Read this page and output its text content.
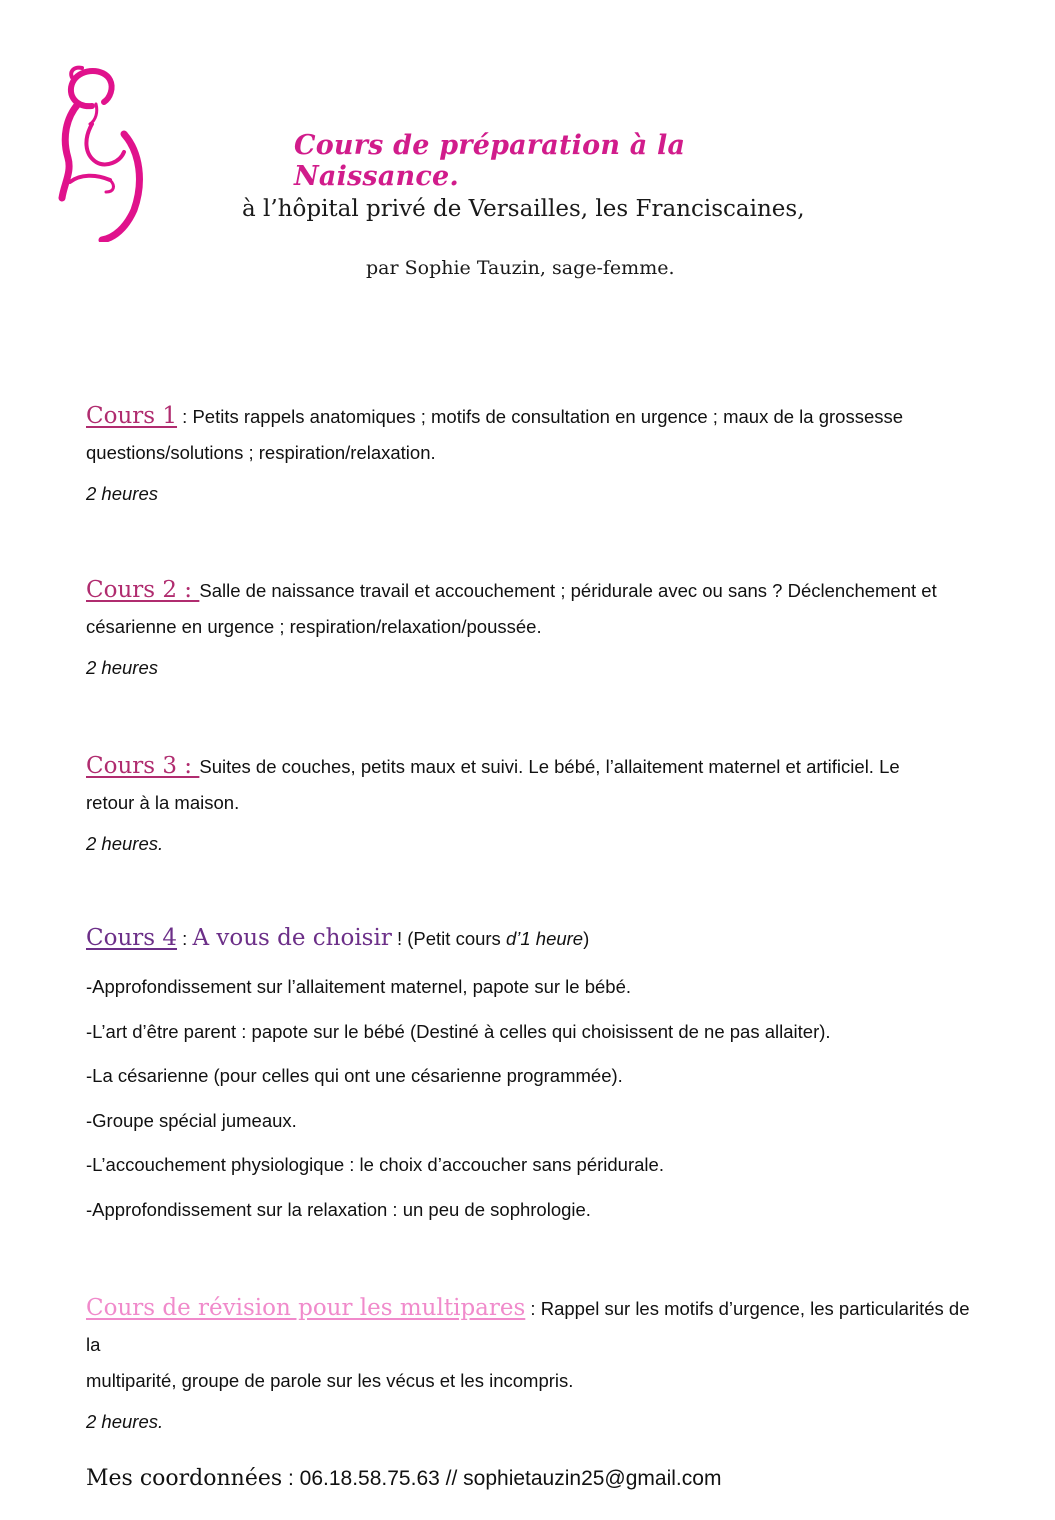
Cours de préparation à la Naissance.
à l’hôpital privé de Versailles, les Franciscaines,
par Sophie Tauzin, sage-femme.

Cours 1 : Petits rappels anatomiques ; motifs de consultation en urgence ; maux de la grossesse

questions/solutions ; respiration/relaxation.

2 heures

Cours 2 : Salle de naissance travail et accouchement ; péridurale avec ou sans ? Déclenchement et

césarienne en urgence ; respiration/relaxation/poussée.

2 heures

Cours 3 : Suites de couches, petits maux et suivi. Le bébé, l’allaitement maternel et artificiel. Le

retour à la maison.

2 heures.

Cours 4 : A vous de choisir ! (Petit cours d’1 heure)

-Approfondissement sur l’allaitement maternel, papote sur le bébé.

-L’art d’être parent : papote sur le bébé (Destiné à celles qui choisissent de ne pas allaiter).

-La césarienne (pour celles qui ont une césarienne programmée).

-Groupe spécial jumeaux.

-L’accouchement physiologique : le choix d’accoucher sans péridurale.

-Approfondissement sur la relaxation : un peu de sophrologie.

Cours de révision pour les multipares : Rappel sur les motifs d’urgence, les particularités de la

multiparité, groupe de parole sur les vécus et les incompris.

2 heures.

Mes coordonnées : 06.18.58.75.63 // sophietauzin25@gmail.com
